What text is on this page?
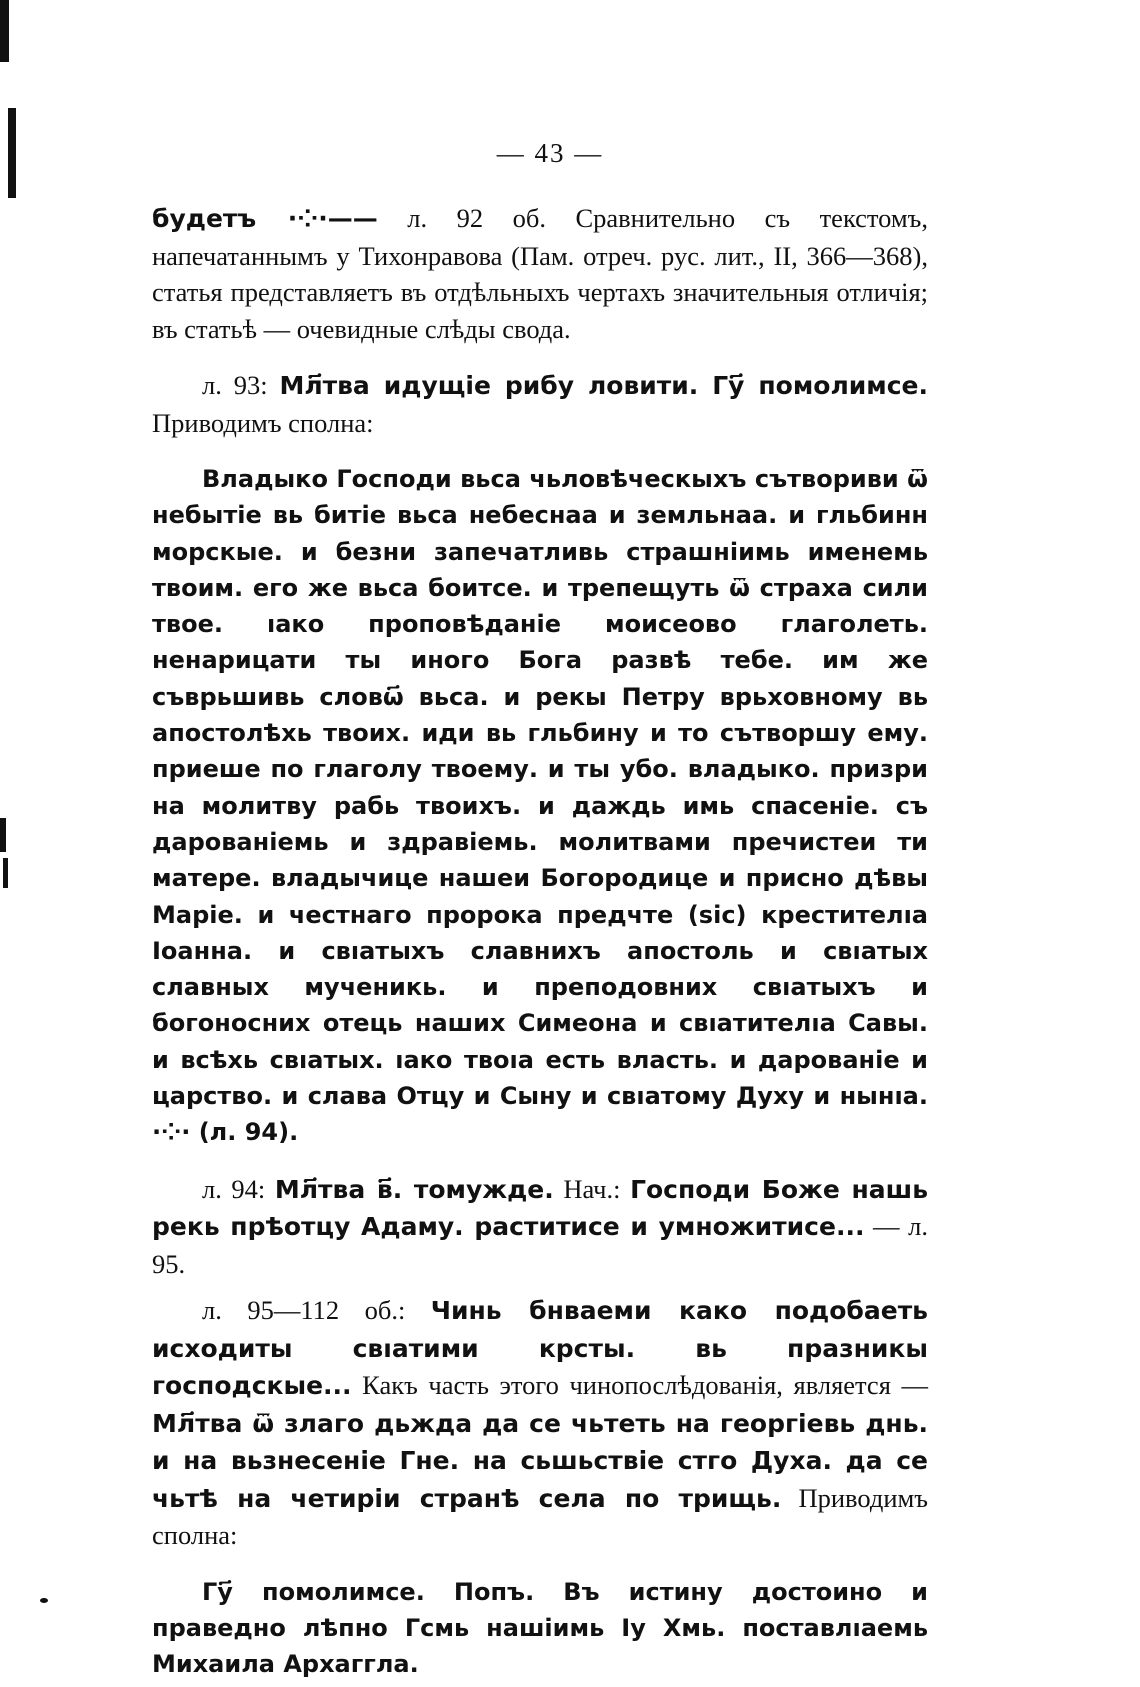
— 43 —

будетъ ·⁘·—— л. 92 об. Сравнительно съ текстомъ, напечатаннымъ у Тихонравова (Пам. отреч. рус. лит., II, 366—368), статья представляетъ въ отдѣльныхъ чертахъ значительныя отличія; въ статьѣ — очевидные слѣды свода.

л. 93: Мл҃тва идущіе рибу ловити. Гу҃ помолимсе. Приводимъ сполна:

Владыко Господи вьса чьловѣческыхъ сътвориви ѿ небытіе вь битіе вьса небеснаа и земльнаа. и гльбинн морскые. и безни запечатливь страшніимь именемь твоим. его же вьса боитсе. и трепещуть ѿ страха сили твое. ıако проповѣданіе моисеово глаголеть. ненарицати ты иного Бога развѣ тебе. им же съврьшивь словѡ҃ вьса. и рекы Петру врьховному вь апостолѣхь твоих. иди вь гльбину и то сътворшу ему. приеше по глаголу твоему. и ты убо. владыко. призри на молитву рабь твоихъ. и даждь имь спасеніе. съ дарованіемь и здравіемь. молитвами пречистеи ти матере. владычице нашеи Богородице и присно дѣвы Маріе. и честнаго пророка предчте (sic) крестителıа Іоанна. и свıатыхъ славнихъ апостоль и свıатых славных мученикь. и преподовних свıатыхъ и богоносних отець наших Симеона и свıатителıа Савы. и всѣхь свıатых. ıако твоıа есть власть. и дарованіе и царство. и слава Отцу и Сыну и свıатому Духу и нынıа. ·⁘· (л. 94).

л. 94: Мл҃тва в҃. томужде. Нач.: Господи Боже нашь рекь прѣотцу Адаму. раститисе и умножитисе... — л. 95.

л. 95—112 об.: Чинь бнваеми како подобаеть исходиты свıатими крсты. вь празникы господскые... Какъ часть этого чинопослѣдованія, является — Мл҃тва ѿ злаго дьжда да се чьтеть на георгіевь днь. и на вьзнесеніе Гне. на сьшьствіе стго Духа. да се чьтѣ на четиріи странѣ села по трищь. Приводимъ сполна:

Гу҃ помолимсе. Попъ. Въ истину достоино и праведно лѣпно Гсмь нашіимь Іу Хмь. поставлıаемь Михаила Архаггла.
